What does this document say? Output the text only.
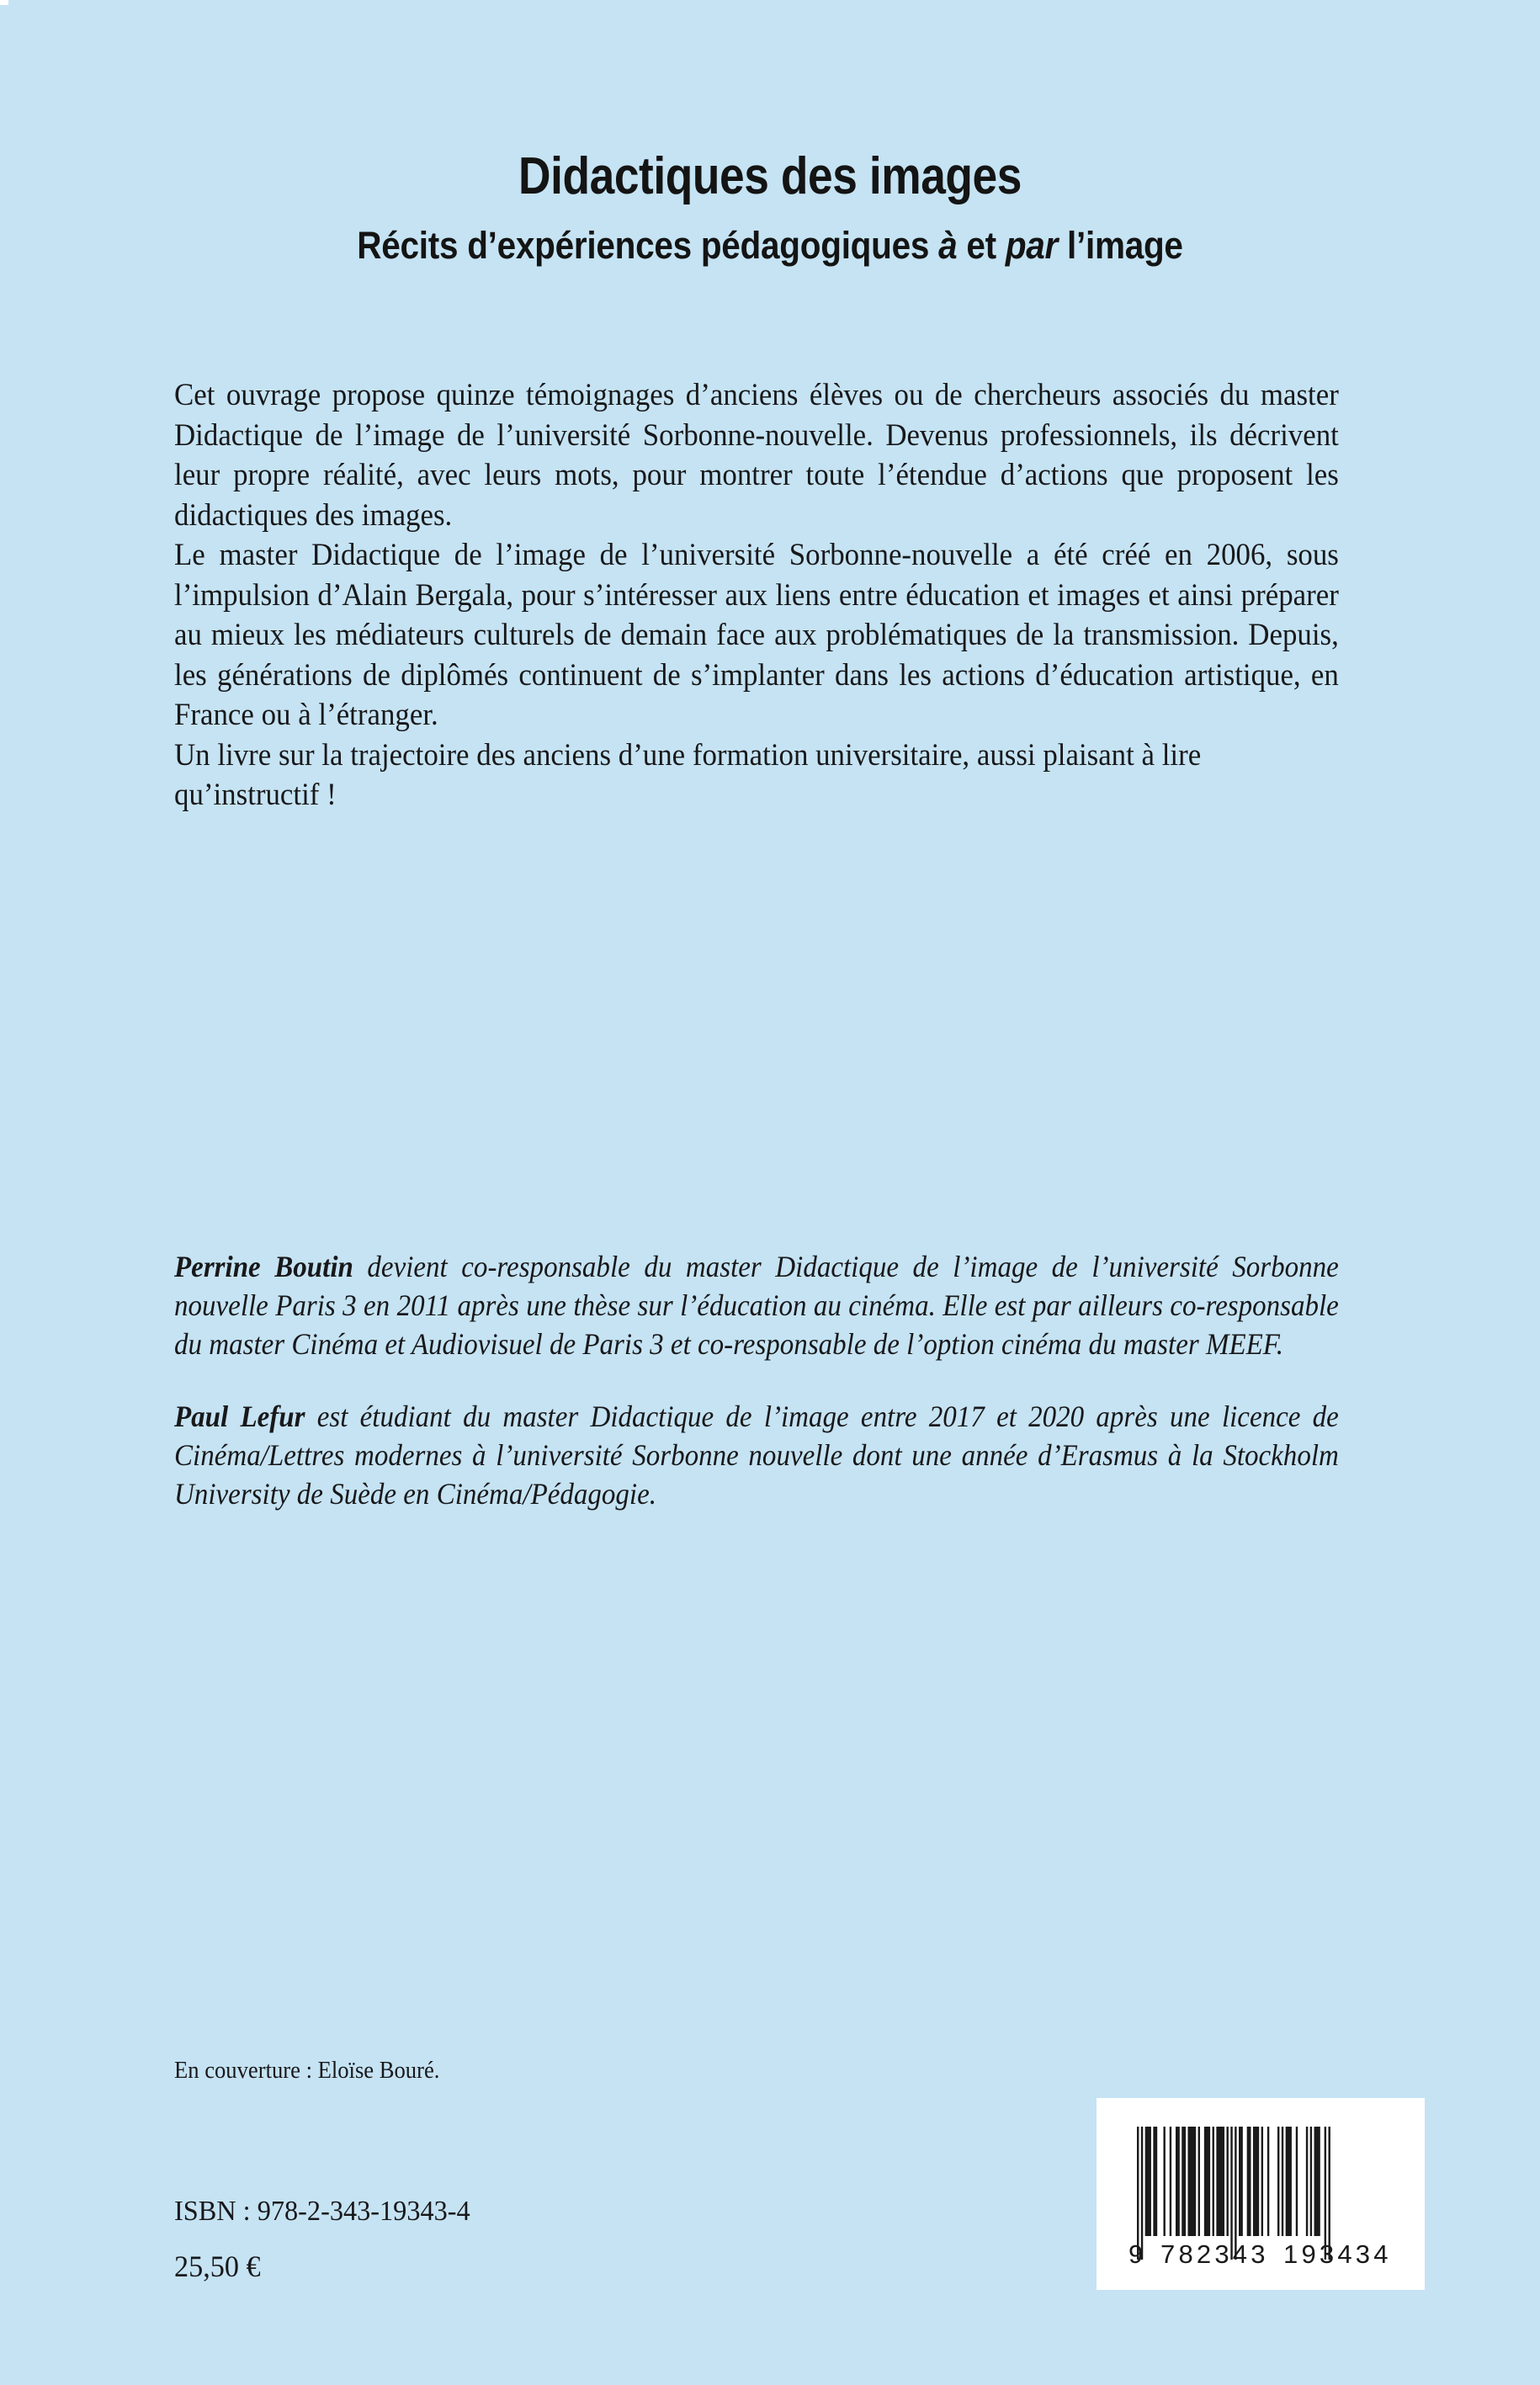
Didactiques des images
Récits d’expériences pédagogiques à et par l’image

Cet ouvrage propose quinze témoignages d’anciens élèves ou de chercheurs associés du master Didactique de l’image de l’université Sorbonne-nouvelle. Devenus professionnels, ils décrivent leur propre réalité, avec leurs mots, pour montrer toute l’étendue d’actions que proposent les didactiques des images.

Le master Didactique de l’image de l’université Sorbonne-nouvelle a été créé en 2006, sous l’impulsion d’Alain Bergala, pour s’intéresser aux liens entre éducation et images et ainsi préparer au mieux les médiateurs culturels de demain face aux problématiques de la transmission. Depuis, les générations de diplômés continuent de s’implanter dans les actions d’éducation artistique, en France ou à l’étranger.

Un livre sur la trajectoire des anciens d’une formation universitaire, aussi plaisant à lire qu’instructif !

Perrine Boutin devient co-responsable du master Didactique de l’image de l’université Sorbonne nouvelle Paris 3 en 2011 après une thèse sur l’éducation au cinéma. Elle est par ailleurs co-responsable du master Cinéma et Audiovisuel de Paris 3 et co-responsable de l’option cinéma du master MEEF.

Paul Lefur est étudiant du master Didactique de l’image entre 2017 et 2020 après une licence de Cinéma/Lettres modernes à l’université Sorbonne nouvelle dont une année d’Erasmus à la Stockholm University de Suède en Cinéma/Pédagogie.

En couverture : Eloïse Bouré.
ISBN : 978-2-343-19343-4
25,50 €	9 782343 193434
